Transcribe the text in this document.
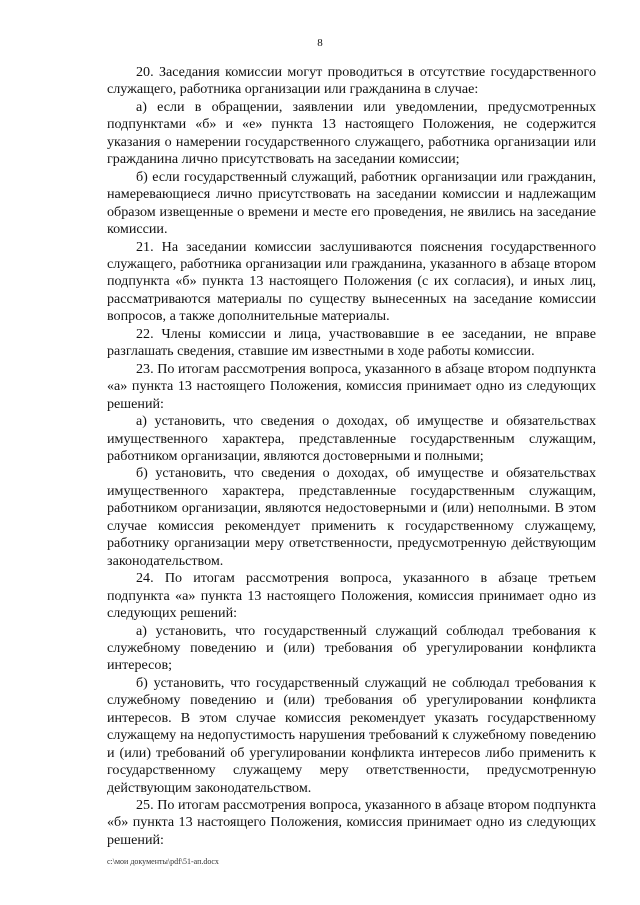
8

20. Заседания комиссии могут проводиться в отсутствие государственного служащего, работника организации или гражданина в случае:

а) если в обращении, заявлении или уведомлении, предусмотренных подпунктами «б» и «е» пункта 13 настоящего Положения, не содержится указания о намерении государственного служащего, работника организации или гражданина лично присутствовать на заседании комиссии;

б) если государственный служащий, работник организации или гражданин, намеревающиеся лично присутствовать на заседании комиссии и надлежащим образом извещенные о времени и месте его проведения, не явились на заседание комиссии.

21. На заседании комиссии заслушиваются пояснения государственного служащего, работника организации или гражданина, указанного в абзаце втором подпункта «б» пункта 13 настоящего Положения (с их согласия), и иных лиц, рассматриваются материалы по существу вынесенных на заседание комиссии вопросов, а также дополнительные материалы.

22. Члены комиссии и лица, участвовавшие в ее заседании, не вправе разглашать сведения, ставшие им известными в ходе работы комиссии.

23. По итогам рассмотрения вопроса, указанного в абзаце втором подпункта «а» пункта 13 настоящего Положения, комиссия принимает одно из следующих решений:

а) установить, что сведения о доходах, об имуществе и обязательствах имущественного характера, представленные государственным служащим, работником организации, являются достоверными и полными;

б) установить, что сведения о доходах, об имуществе и обязательствах имущественного характера, представленные государственным служащим, работником организации, являются недостоверными и (или) неполными. В этом случае комиссия рекомендует применить к государственному служащему, работнику организации меру ответственности, предусмотренную действующим законодательством.

24. По итогам рассмотрения вопроса, указанного в абзаце третьем подпункта «а» пункта 13 настоящего Положения, комиссия принимает одно из следующих решений:

а) установить, что государственный служащий соблюдал требования к служебному поведению и (или) требования об урегулировании конфликта интересов;

б) установить, что государственный служащий не соблюдал требования к служебному поведению и (или) требования об урегулировании конфликта интересов. В этом случае комиссия рекомендует указать государственному служащему на недопустимость нарушения требований к служебному поведению и (или) требований об урегулировании конфликта интересов либо применить к государственному служащему меру ответственности, предусмотренную действующим законодательством.

25. По итогам рассмотрения вопроса, указанного в абзаце втором подпункта «б» пункта 13 настоящего Положения, комиссия принимает одно из следующих решений:

c:\мои документы\pdf\51-ап.docx
